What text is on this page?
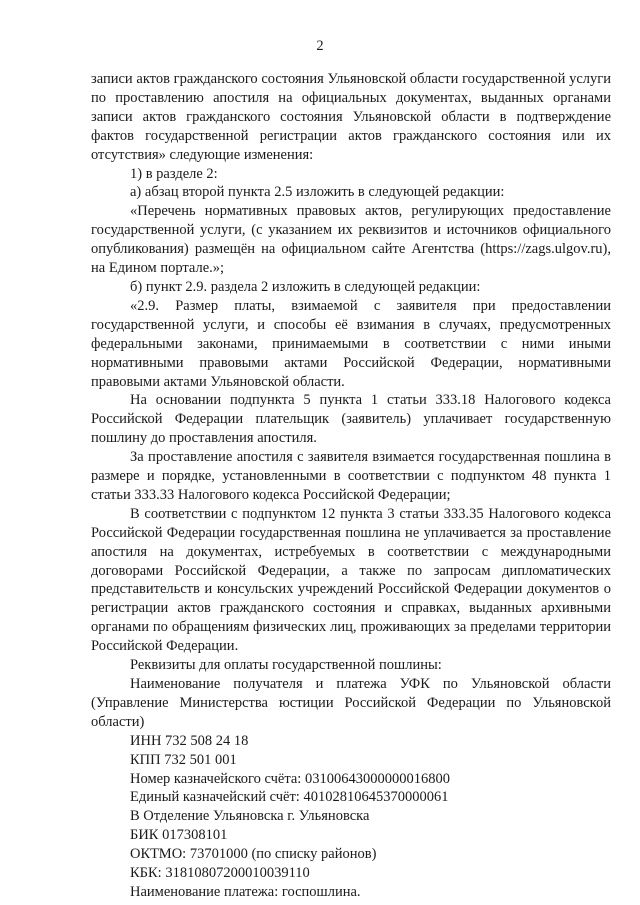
2

записи актов гражданского состояния Ульяновской области государственной услуги по проставлению апостиля на официальных документах, выданных органами записи актов гражданского состояния Ульяновской области в подтверждение фактов государственной регистрации актов гражданского состояния или их отсутствия» следующие изменения:

1) в разделе 2:

а) абзац второй пункта 2.5 изложить в следующей редакции:

«Перечень нормативных правовых актов, регулирующих предоставление государственной услуги, (с указанием их реквизитов и источников официального опубликования) размещён на официальном сайте Агентства (https://zags.ulgov.ru), на Едином портале.»;

б) пункт 2.9. раздела 2 изложить в следующей редакции:

«2.9. Размер платы, взимаемой с заявителя при предоставлении государственной услуги, и способы её взимания в случаях, предусмотренных федеральными законами, принимаемыми в соответствии с ними иными нормативными правовыми актами Российской Федерации, нормативными правовыми актами Ульяновской области.

На основании подпункта 5 пункта 1 статьи 333.18 Налогового кодекса Российской Федерации плательщик (заявитель) уплачивает государственную пошлину до проставления апостиля.

За проставление апостиля с заявителя взимается государственная пошлина в размере и порядке, установленными в соответствии с подпунктом 48 пункта 1 статьи 333.33 Налогового кодекса Российской Федерации;

В соответствии с подпунктом 12 пункта 3 статьи 333.35 Налогового кодекса Российской Федерации государственная пошлина не уплачивается за проставление апостиля на документах, истребуемых в соответствии с международными договорами Российской Федерации, а также по запросам дипломатических представительств и консульских учреждений Российской Федерации документов о регистрации актов гражданского состояния и справках, выданных архивными органами по обращениям физических лиц, проживающих за пределами территории Российской Федерации.

Реквизиты для оплаты государственной пошлины:

Наименование получателя и платежа УФК по Ульяновской области (Управление Министерства юстиции Российской Федерации по Ульяновской области)

ИНН 732 508 24 18

КПП 732 501 001

Номер казначейского счёта: 03100643000000016800

Единый казначейский счёт: 40102810645370000061

В Отделение Ульяновска г. Ульяновска

БИК 017308101

ОКТМО: 73701000 (по списку районов)

КБК: 31810807200010039110

Наименование платежа: госпошлина.
